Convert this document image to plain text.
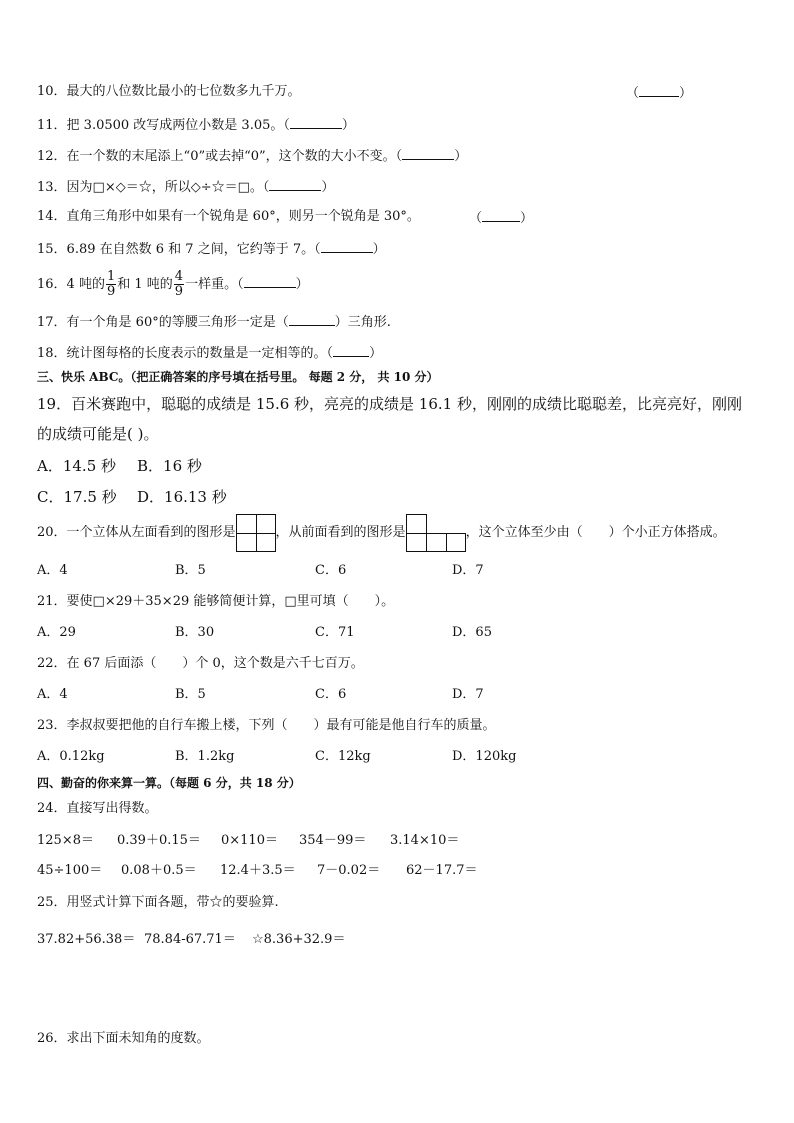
10．最大的八位数比最小的七位数多九千万。	（	）
11．把 3.0500 改写成两位小数是 3.05。（	）
12．在一个数的末尾添上“0”或去掉“0”，这个数的大小不变。（	）
13．因为□×◇＝☆，所以◇÷☆＝□。（	）
14．直角三角形中如果有一个锐角是 60°，则另一个锐角是 30°。	（	）
15．6.89 在自然数 6 和 7 之间，它约等于 7。（	）
16．4 吨的 $\frac{1}{9}$ 和 1 吨的 $\frac{4}{9}$ 一样重。（	）
17．有一个角是 60°的等腰三角形一定是（	）三角形.
18．统计图每格的长度表示的数量是一定相等的。（	）
三、快乐 ABC。（把正确答案的序号填在括号里。 每题 2 分， 共 10 分）
19．百米赛跑中，聪聪的成绩是 15.6 秒，亮亮的成绩是 16.1 秒，刚刚的成绩比聪聪差，比亮亮好，刚刚
的成绩可能是( )。
A．14.5 秒 B．16 秒
C．17.5 秒 D．16.13 秒
20．一个立体从左面看到的图形是	，从前面看到的图形是	，这个立体至少由（　　）个小正方体搭成。
A．4	B．5	C．6	D．7
21．要使□×29＋35×29 能够简便计算，□里可填（　　）。
A．29	B．30	C．71	D．65
22．在 67 后面添（　　）个 0，这个数是六千七百万。
A．4	B．5	C．6	D．7
23．李叔叔要把他的自行车搬上楼，下列（　　）最有可能是他自行车的质量。
A．0.12kg	B．1.2kg	C．12kg	D．120kg
四、勤奋的你来算一算。（每题 6 分，共 18 分）
24．直接写出得数。
125×8＝ 0.39＋0.15＝ 0×110＝ 354－99＝ 3.14×10＝
45÷100＝ 0.08＋0.5＝ 12.4＋3.5＝ 7－0.02＝ 62－17.7＝
25．用竖式计算下面各题，带☆的要验算.
37.82+56.38＝ 78.84-67.71＝ ☆8.36+32.9＝
26．求出下面未知角的度数。
